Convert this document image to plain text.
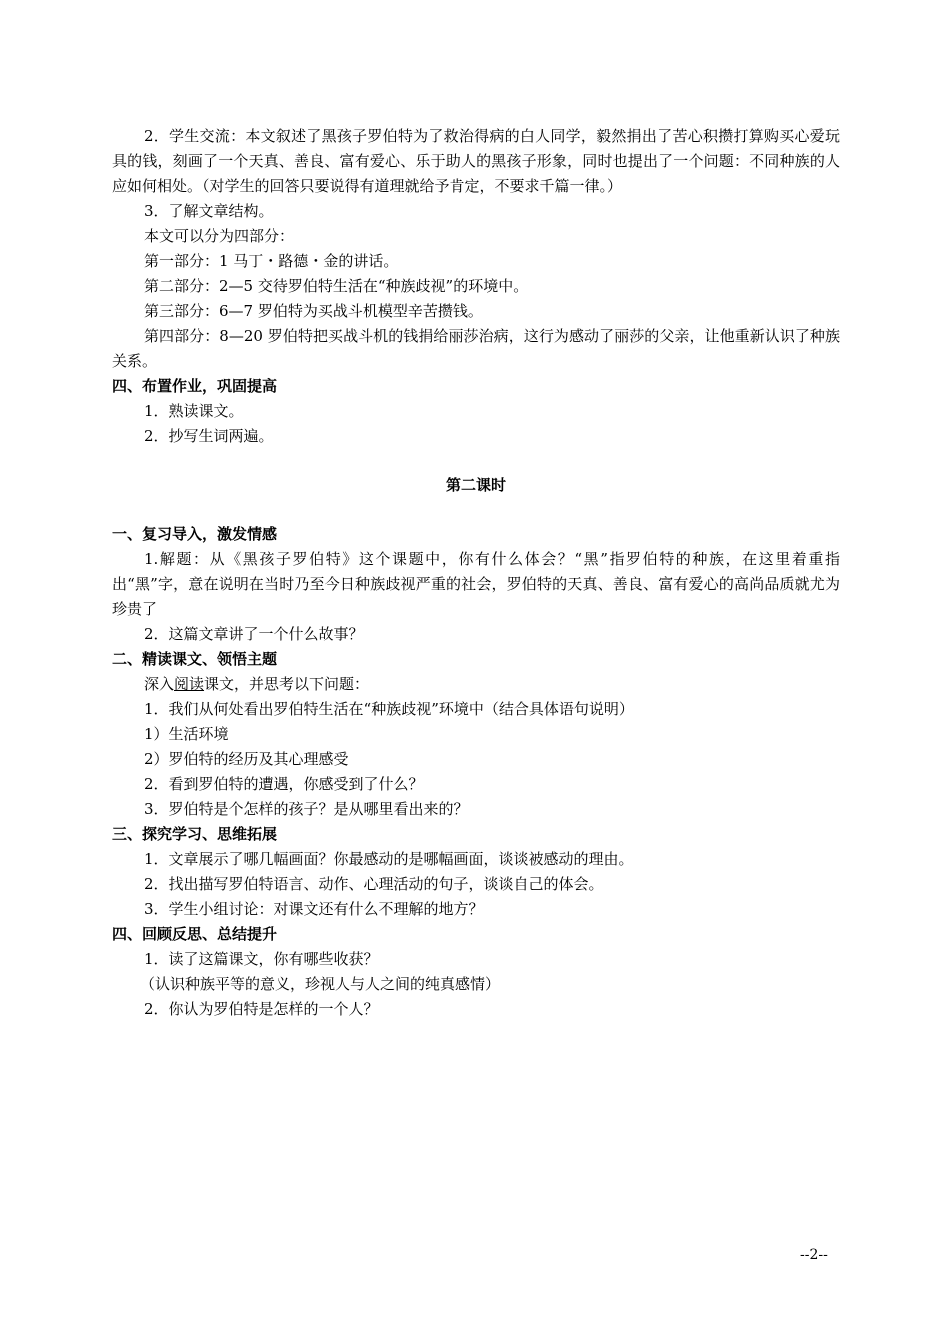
2．学生交流：本文叙述了黑孩子罗伯特为了救治得病的白人同学，毅然捐出了苦心积攒打算购买心爱玩具的钱，刻画了一个天真、善良、富有爱心、乐于助人的黑孩子形象，同时也提出了一个问题：不同种族的人应如何相处。（对学生的回答只要说得有道理就给予肯定，不要求千篇一律。）
3．了解文章结构。
本文可以分为四部分：
第一部分：1 马丁・路德・金的讲话。
第二部分：2—5 交待罗伯特生活在“种族歧视”的环境中。
第三部分：6—7 罗伯特为买战斗机模型辛苦攒钱。
第四部分：8—20 罗伯特把买战斗机的钱捐给丽莎治病，这行为感动了丽莎的父亲，让他重新认识了种族关系。
四、布置作业，巩固提高
1．熟读课文。
2．抄写生词两遍。
第二课时
一、复习导入，激发情感
1.解题：从《黑孩子罗伯特》这个课题中，你有什么体会？“黑”指罗伯特的种族，在这里着重指出“黑”字，意在说明在当时乃至今日种族歧视严重的社会，罗伯特的天真、善良、富有爱心的高尚品质就尤为珍贵了
2．这篇文章讲了一个什么故事？
二、精读课文、领悟主题
深入阅读课文，并思考以下问题：
1．我们从何处看出罗伯特生活在“种族歧视”环境中（结合具体语句说明）
1）生活环境
2）罗伯特的经历及其心理感受
2．看到罗伯特的遭遇，你感受到了什么？
3．罗伯特是个怎样的孩子？是从哪里看出来的？
三、探究学习、思维拓展
1．文章展示了哪几幅画面？你最感动的是哪幅画面，谈谈被感动的理由。
2．找出描写罗伯特语言、动作、心理活动的句子，谈谈自己的体会。
3．学生小组讨论：对课文还有什么不理解的地方？
四、回顾反思、总结提升
1．读了这篇课文，你有哪些收获？
（认识种族平等的意义，珍视人与人之间的纯真感情）
2．你认为罗伯特是怎样的一个人？
--2--
